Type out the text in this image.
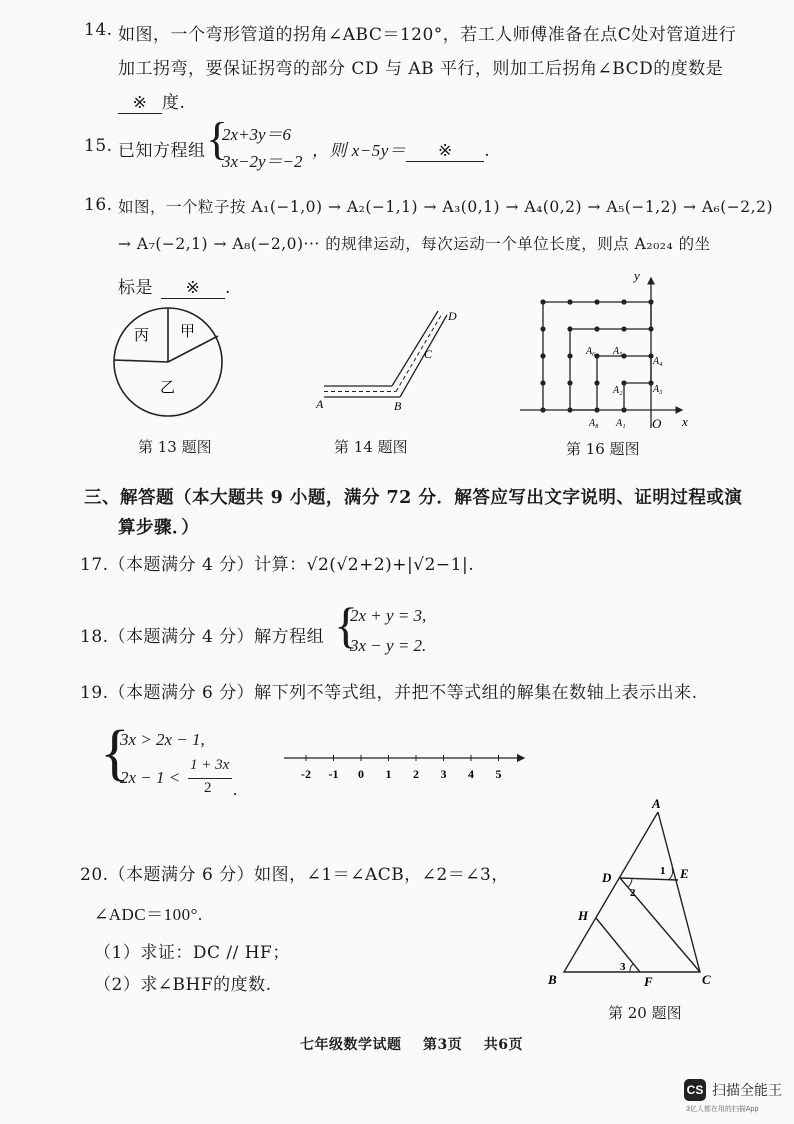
14. 如图，一个弯形管道的拐角∠ABC＝120°，若工人师傅准备在点C处对管道进行
加工拐弯，要保证拐弯的部分 CD 与 AB 平行，则加工后拐角∠BCD的度数是
※ 度.
15. 已知方程组 {
2x+3y＝6
3x−2y＝−2
，则 x−5y＝ ※ .
16. 如图，一个粒子按 A₁(−1,0) → A₂(−1,1) → A₃(0,1) → A₄(0,2) → A₅(−1,2) → A₆(−2,2)
→ A₇(−2,1) → A₈(−2,0)··· 的规律运动，每次运动一个单位长度，则点 A₂₀₂₄ 的坐
标是 ※ .
丙 甲
乙
第 13 题图
A	B
C
D
第 14 题图
y
x
O
A₁
A₂	A₃
A₄
A₅
A₆
A₈
第 16 题图
三、解答题（本大题共 9 小题，满分 72 分．解答应写出文字说明、证明过程或演
算步骤．）
17.（本题满分 4 分）计算：√2(√2+2)+|√2−1|.
18.（本题满分 4 分）解方程组 {
2x + y = 3,
3x − y = 2.
19.（本题满分 6 分）解下列不等式组，并把不等式组的解集在数轴上表示出来.
{
3x > 2x − 1,
2x − 1 <
1 + 3x
2 .
-2 -1 0 1 2 3 4 5
20.（本题满分 6 分）如图，∠1＝∠ACB，∠2＝∠3，
∠ADC＝100°.
（1）求证：DC // HF；
（2）求∠BHF的度数.
A
D	E
H
B	F	C
1
2
3
第 20 题图
七年级数学试题    第3页    共6页
CS 扫描全能王
3亿人都在用的扫描App
